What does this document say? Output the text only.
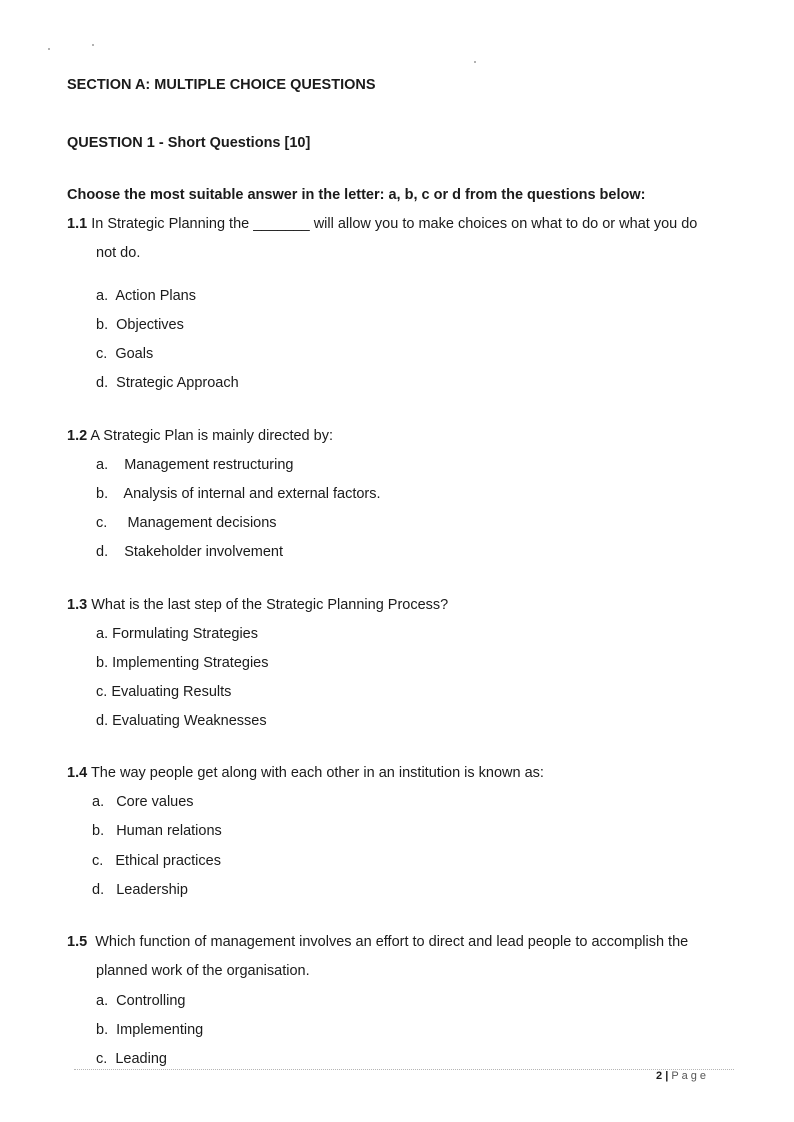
SECTION A: MULTIPLE CHOICE QUESTIONS
QUESTION 1 - Short Questions [10]
Choose the most suitable answer in the letter: a, b, c or d from the questions below:
1.1 In Strategic Planning the _______ will allow you to make choices on what to do or what you do
not do.
a. Action Plans
b. Objectives
c. Goals
d. Strategic Approach
1.2 A Strategic Plan is mainly directed by:
a. Management restructuring
b. Analysis of internal and external factors.
c. Management decisions
d. Stakeholder involvement
1.3 What is the last step of the Strategic Planning Process?
a. Formulating Strategies
b. Implementing Strategies
c. Evaluating Results
d. Evaluating Weaknesses
1.4 The way people get along with each other in an institution is known as:
a. Core values
b. Human relations
c. Ethical practices
d. Leadership
1.5 Which function of management involves an effort to direct and lead people to accomplish the
planned work of the organisation.
a. Controlling
b. Implementing
c. Leading
2 | Page
